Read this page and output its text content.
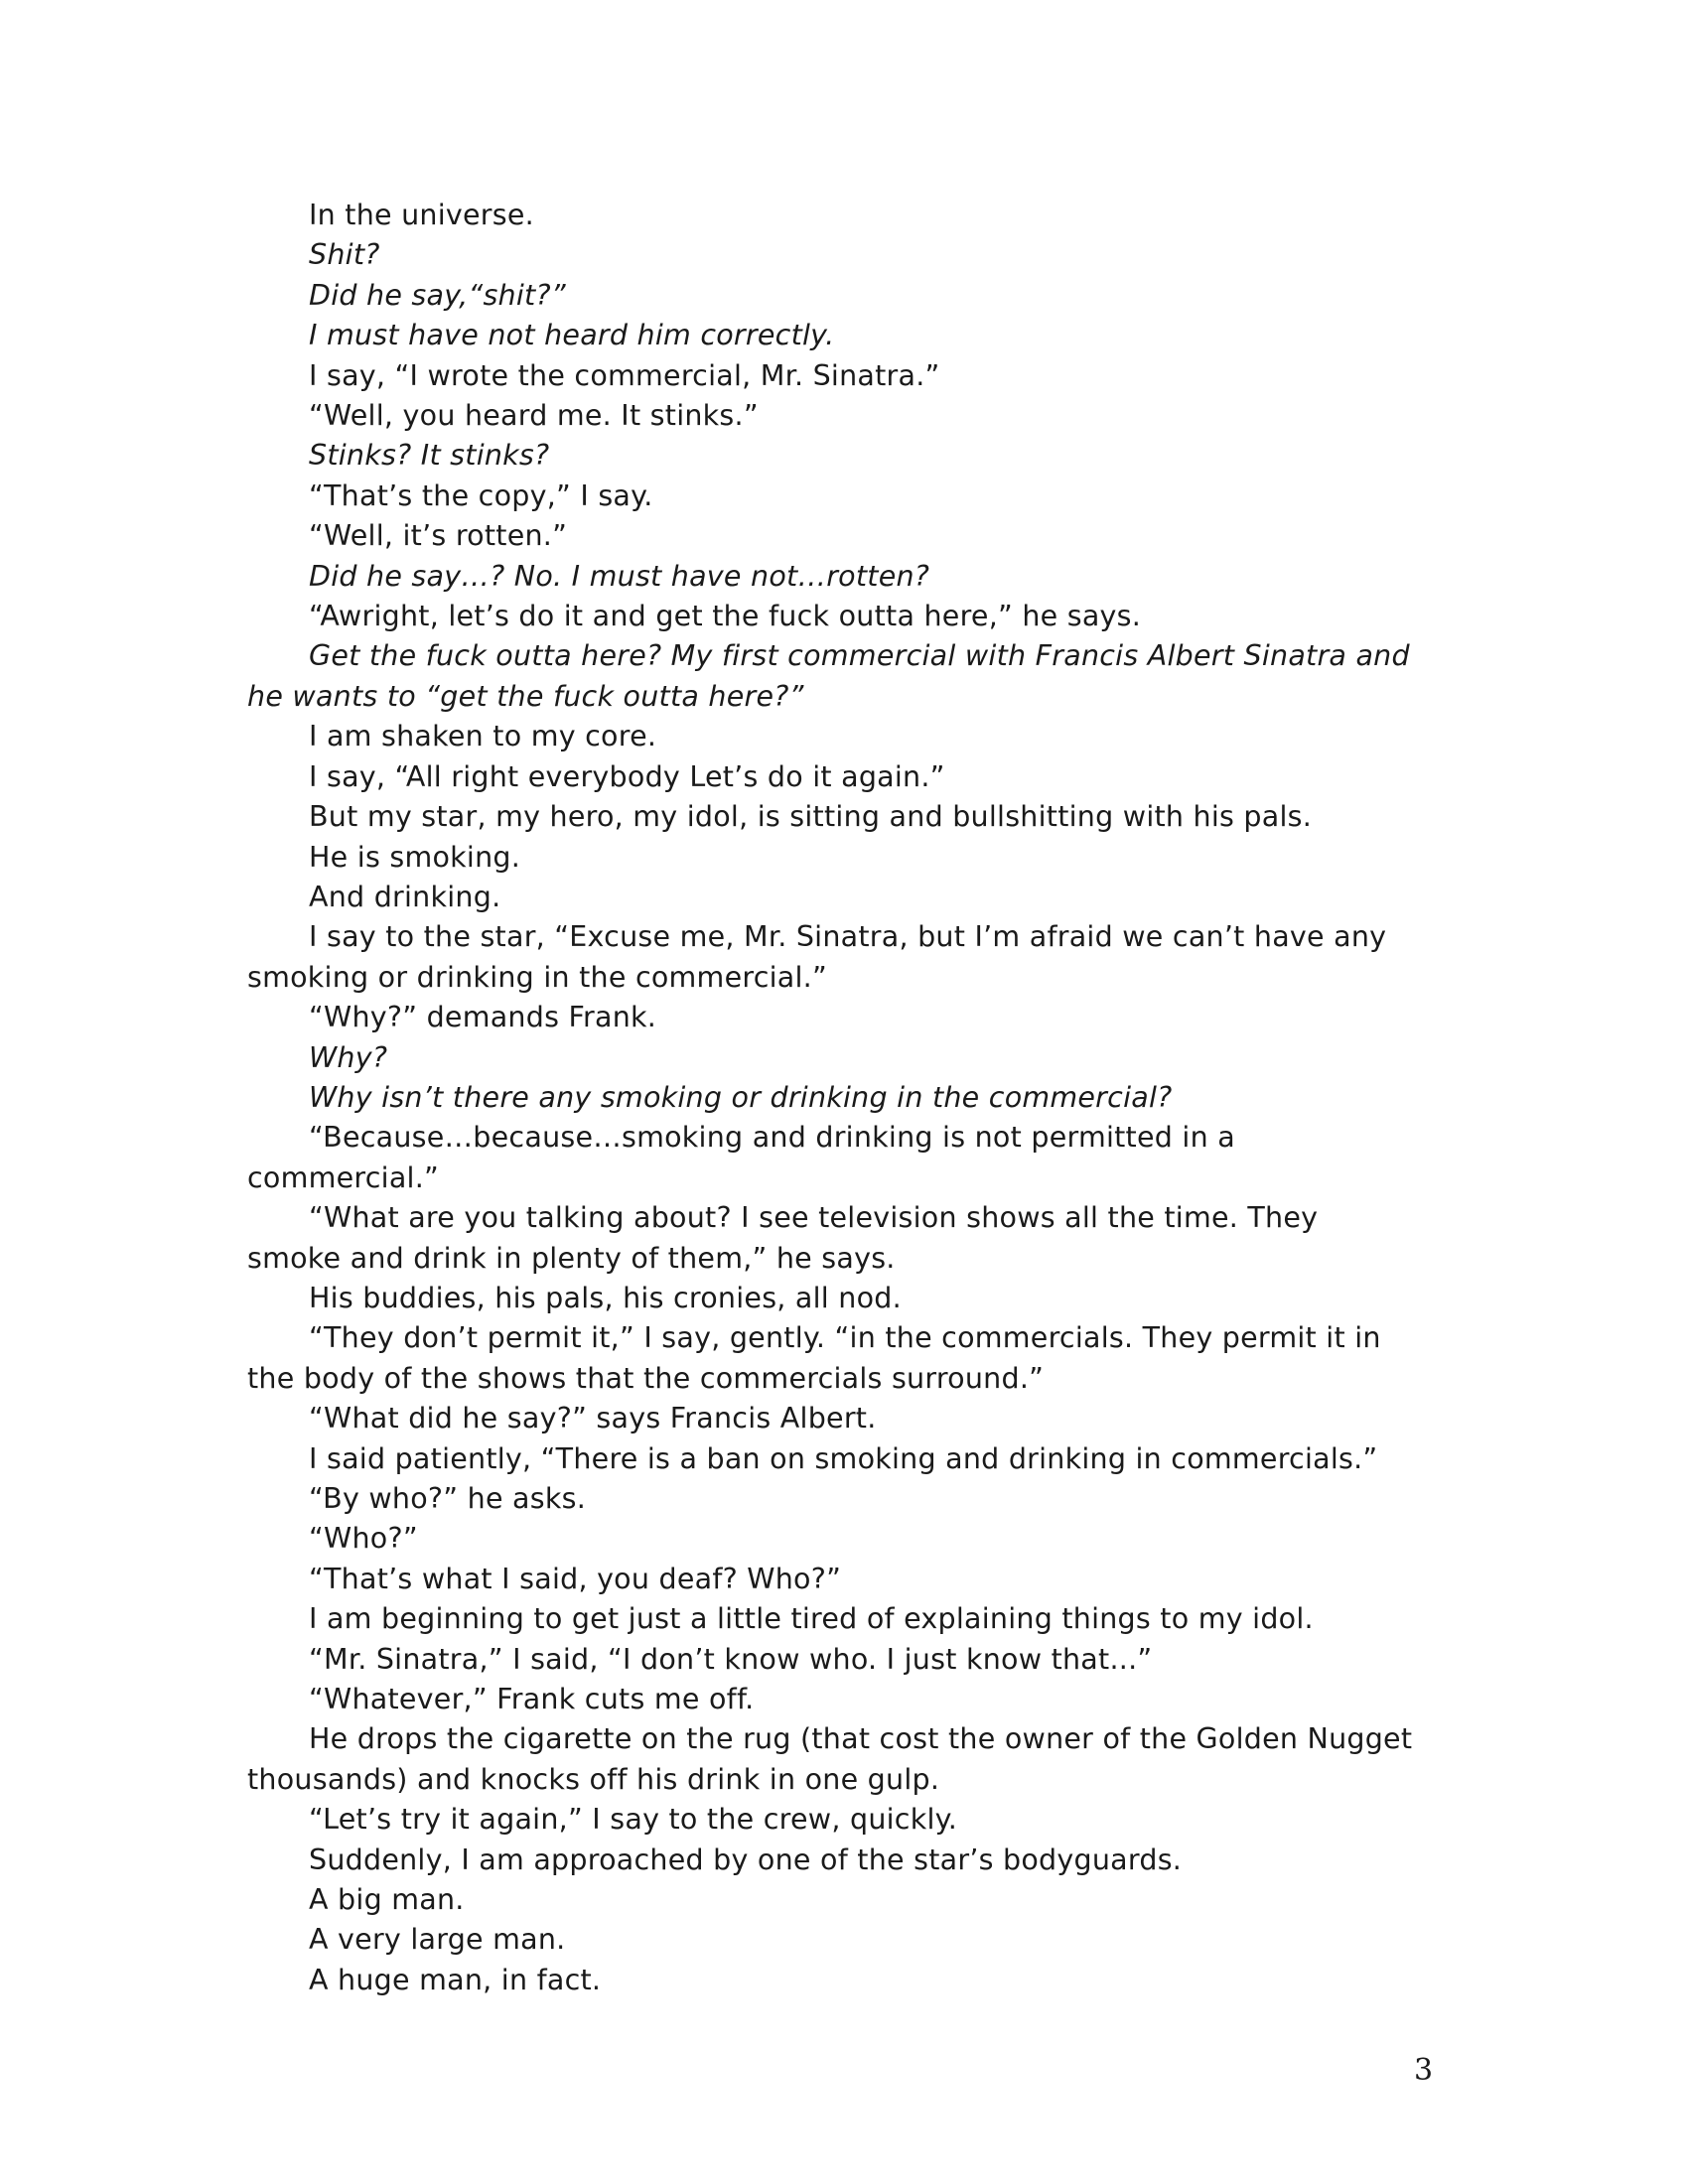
In the universe.

Shit?

Did he say,“shit?”

I must have not heard him correctly.

I say, “I wrote the commercial, Mr. Sinatra.”

“Well, you heard me. It stinks.”

Stinks? It stinks?

“That’s the copy,” I say.

“Well, it’s rotten.”

Did he say…? No. I must have not…rotten?

“Awright, let’s do it and get the fuck outta here,” he says.

Get the fuck outta here? My first commercial with Francis Albert Sinatra and he wants to “get the fuck outta here?”

I am shaken to my core.

I say, “All right everybody Let’s do it again.”

But my star, my hero, my idol, is sitting and bullshitting with his pals.

He is smoking.

And drinking.

I say to the star, “Excuse me, Mr. Sinatra, but I’m afraid we can’t have any smoking or drinking in the commercial.”

“Why?” demands Frank.

Why?

Why isn’t there any smoking or drinking in the commercial?

“Because…because…smoking and drinking is not permitted in a commercial.”

“What are you talking about? I see television shows all the time. They smoke and drink in plenty of them,” he says.

His buddies, his pals, his cronies, all nod.

“They don’t permit it,” I say, gently. “in the commercials. They permit it in the body of the shows that the commercials surround.”

“What did he say?” says Francis Albert.

I said patiently, “There is a ban on smoking and drinking in commercials.”

“By who?” he asks.

“Who?”

“That’s what I said, you deaf? Who?”

I am beginning to get just a little tired of explaining things to my idol.

“Mr. Sinatra,” I said, “I don’t know who. I just know that...”

“Whatever,” Frank cuts me off.

He drops the cigarette on the rug (that cost the owner of the Golden Nugget thousands) and knocks off his drink in one gulp.

“Let’s try it again,” I say to the crew, quickly.

Suddenly, I am approached by one of the star’s bodyguards.

A big man.

A very large man.

A huge man, in fact.

3
